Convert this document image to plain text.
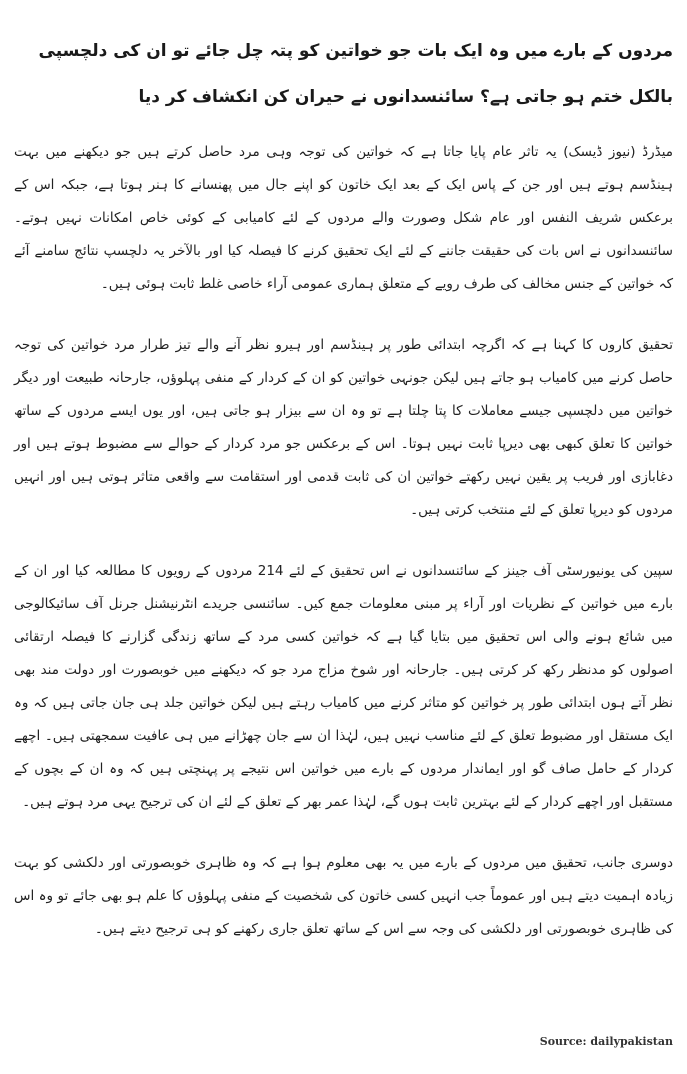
مردوں کے بارے میں وہ ایک بات جو خواتین کو پتہ چل جائے تو ان کی دلچسپی بالکل ختم ہو جاتی ہے؟ سائنسدانوں نے حیران کن انکشاف کر دیا

میڈرڈ (نیوز ڈیسک) یہ تاثر عام پایا جاتا ہے کہ خواتین کی توجہ وہی مرد حاصل کرتے ہیں جو دیکھنے میں بہت ہینڈسم ہوتے ہیں اور جن کے پاس ایک کے بعد ایک خاتون کو اپنے جال میں پھنسانے کا ہنر ہوتا ہے، جبکہ اس کے برعکس شریف النفس اور عام شکل وصورت والے مردوں کے لئے کامیابی کے کوئی خاص امکانات نہیں ہوتے۔ سائنسدانوں نے اس بات کی حقیقت جاننے کے لئے ایک تحقیق کرنے کا فیصلہ کیا اور بالآخر یہ دلچسپ نتائج سامنے آئے کہ خواتین کے جنس مخالف کی طرف رویے کے متعلق ہماری عمومی آراء خاصی غلط ثابت ہوئی ہیں۔

تحقیق کاروں کا کہنا ہے کہ اگرچہ ابتدائی طور پر ہینڈسم اور ہیرو نظر آنے والے تیز طرار مرد خواتین کی توجہ حاصل کرنے میں کامیاب ہو جاتے ہیں لیکن جونہی خواتین کو ان کے کردار کے منفی پہلوؤں، جارحانہ طبیعت اور دیگر خواتین میں دلچسپی جیسے معاملات کا پتا چلتا ہے تو وہ ان سے بیزار ہو جاتی ہیں، اور یوں ایسے مردوں کے ساتھ خواتین کا تعلق کبھی بھی دیرپا ثابت نہیں ہوتا۔ اس کے برعکس جو مرد کردار کے حوالے سے مضبوط ہوتے ہیں اور دغابازی اور فریب پر یقین نہیں رکھتے خواتین ان کی ثابت قدمی اور استقامت سے واقعی متاثر ہوتی ہیں اور انہیں مردوں کو دیرپا تعلق کے لئے منتخب کرتی ہیں۔

سپین کی یونیورسٹی آف جینز کے سائنسدانوں نے اس تحقیق کے لئے 214 مردوں کے رویوں کا مطالعہ کیا اور ان کے بارے میں خواتین کے نظریات اور آراء پر مبنی معلومات جمع کیں۔ سائنسی جریدے انٹرنیشنل جرنل آف سائیکالوجی میں شائع ہونے والی اس تحقیق میں بتایا گیا ہے کہ خواتین کسی مرد کے ساتھ زندگی گزارنے کا فیصلہ ارتقائی اصولوں کو مدنظر رکھ کر کرتی ہیں۔ جارحانہ اور شوخ مزاج مرد جو کہ دیکھنے میں خوبصورت اور دولت مند بھی نظر آتے ہوں ابتدائی طور پر خواتین کو متاثر کرنے میں کامیاب رہتے ہیں لیکن خواتین جلد ہی جان جاتی ہیں کہ وہ ایک مستقل اور مضبوط تعلق کے لئے مناسب نہیں ہیں، لہٰذا ان سے جان چھڑانے میں ہی عافیت سمجھتی ہیں۔ اچھے کردار کے حامل صاف گو اور ایماندار مردوں کے بارے میں خواتین اس نتیجے پر پہنچتی ہیں کہ وہ ان کے بچوں کے مستقبل اور اچھے کردار کے لئے بہترین ثابت ہوں گے، لہٰذا عمر بھر کے تعلق کے لئے ان کی ترجیح یہی مرد ہوتے ہیں۔

دوسری جانب، تحقیق میں مردوں کے بارے میں یہ بھی معلوم ہوا ہے کہ وہ ظاہری خوبصورتی اور دلکشی کو بہت زیادہ اہمیت دیتے ہیں اور عموماً جب انہیں کسی خاتون کی شخصیت کے منفی پہلوؤں کا علم ہو بھی جائے تو وہ اس کی ظاہری خوبصورتی اور دلکشی کی وجہ سے اس کے ساتھ تعلق جاری رکھنے کو ہی ترجیح دیتے ہیں۔

Source: dailypakistan
